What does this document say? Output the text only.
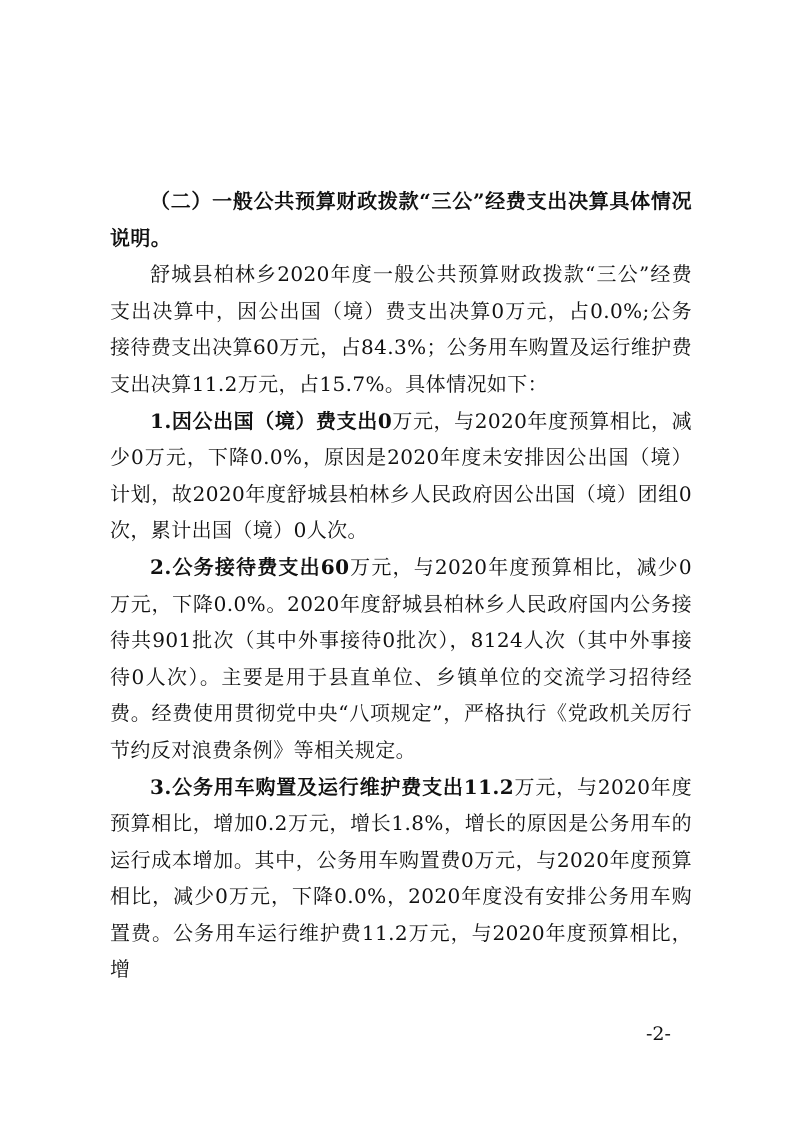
（二）一般公共预算财政拨款“三公”经费支出决算具体情况说明。

舒城县柏林乡2020年度一般公共预算财政拨款“三公”经费支出决算中，因公出国（境）费支出决算0万元，占0.0%;公务接待费支出决算60万元，占84.3%；公务用车购置及运行维护费支出决算11.2万元，占15.7%。具体情况如下：

1.因公出国（境）费支出0万元，与2020年度预算相比，减少0万元，下降0.0%，原因是2020年度未安排因公出国（境）计划，故2020年度舒城县柏林乡人民政府因公出国（境）团组0次，累计出国（境）0人次。

2.公务接待费支出60万元，与2020年度预算相比，减少0万元，下降0.0%。2020年度舒城县柏林乡人民政府国内公务接待共901批次（其中外事接待0批次），8124人次（其中外事接待0人次）。主要是用于县直单位、乡镇单位的交流学习招待经费。经费使用贯彻党中央“八项规定”，严格执行《党政机关厉行节约反对浪费条例》等相关规定。

3.公务用车购置及运行维护费支出11.2万元，与2020年度预算相比，增加0.2万元，增长1.8%，增长的原因是公务用车的运行成本增加。其中，公务用车购置费0万元，与2020年度预算相比，减少0万元，下降0.0%，2020年度没有安排公务用车购置费。公务用车运行维护费11.2万元，与2020年度预算相比，增

-2-
